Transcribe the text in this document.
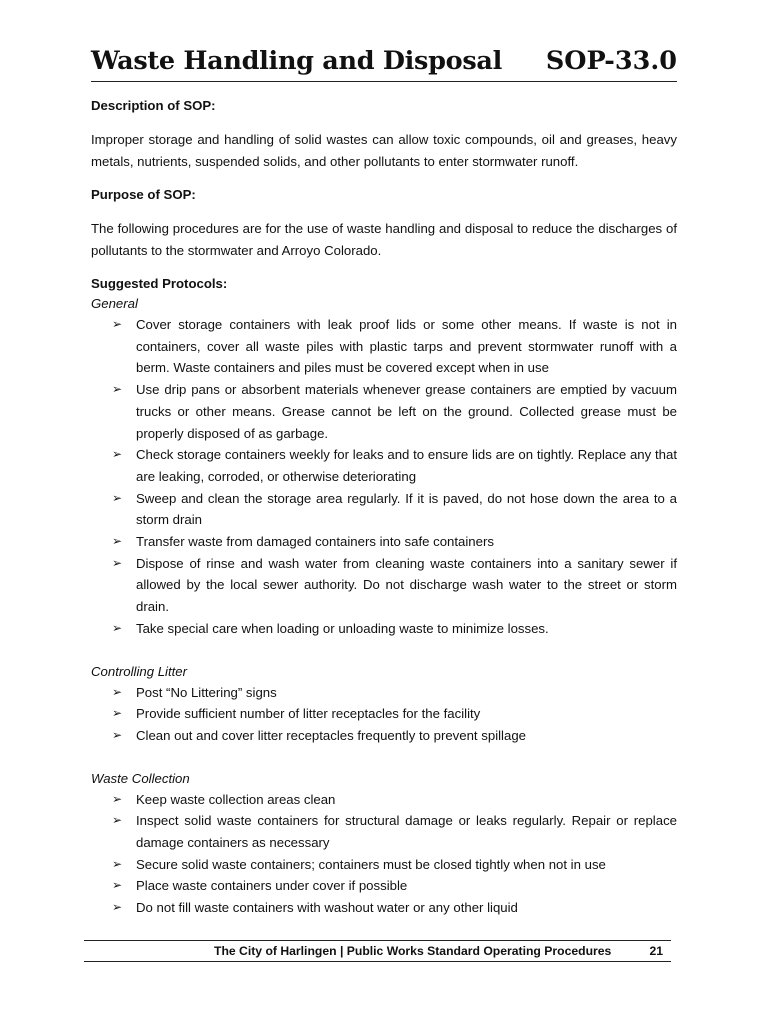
Waste Handling and Disposal SOP-33.0

Description of SOP:

Improper storage and handling of solid wastes can allow toxic compounds, oil and greases, heavy metals, nutrients, suspended solids, and other pollutants to enter stormwater runoff.

Purpose of SOP:

The following procedures are for the use of waste handling and disposal to reduce the discharges of pollutants to the stormwater and Arroyo Colorado.

Suggested Protocols:

General

➢ Cover storage containers with leak proof lids or some other means. If waste is not in containers, cover all waste piles with plastic tarps and prevent stormwater runoff with a berm. Waste containers and piles must be covered except when in use
➢ Use drip pans or absorbent materials whenever grease containers are emptied by vacuum trucks or other means. Grease cannot be left on the ground. Collected grease must be properly disposed of as garbage.
➢ Check storage containers weekly for leaks and to ensure lids are on tightly. Replace any that are leaking, corroded, or otherwise deteriorating
➢ Sweep and clean the storage area regularly. If it is paved, do not hose down the area to a storm drain
➢ Transfer waste from damaged containers into safe containers
➢ Dispose of rinse and wash water from cleaning waste containers into a sanitary sewer if allowed by the local sewer authority. Do not discharge wash water to the street or storm drain.
➢ Take special care when loading or unloading waste to minimize losses.

Controlling Litter

➢ Post “No Littering” signs
➢ Provide sufficient number of litter receptacles for the facility
➢ Clean out and cover litter receptacles frequently to prevent spillage

Waste Collection

➢ Keep waste collection areas clean
➢ Inspect solid waste containers for structural damage or leaks regularly. Repair or replace damage containers as necessary
➢ Secure solid waste containers; containers must be closed tightly when not in use
➢ Place waste containers under cover if possible
➢ Do not fill waste containers with washout water or any other liquid
The City of Harlingen | Public Works Standard Operating Procedures	21
